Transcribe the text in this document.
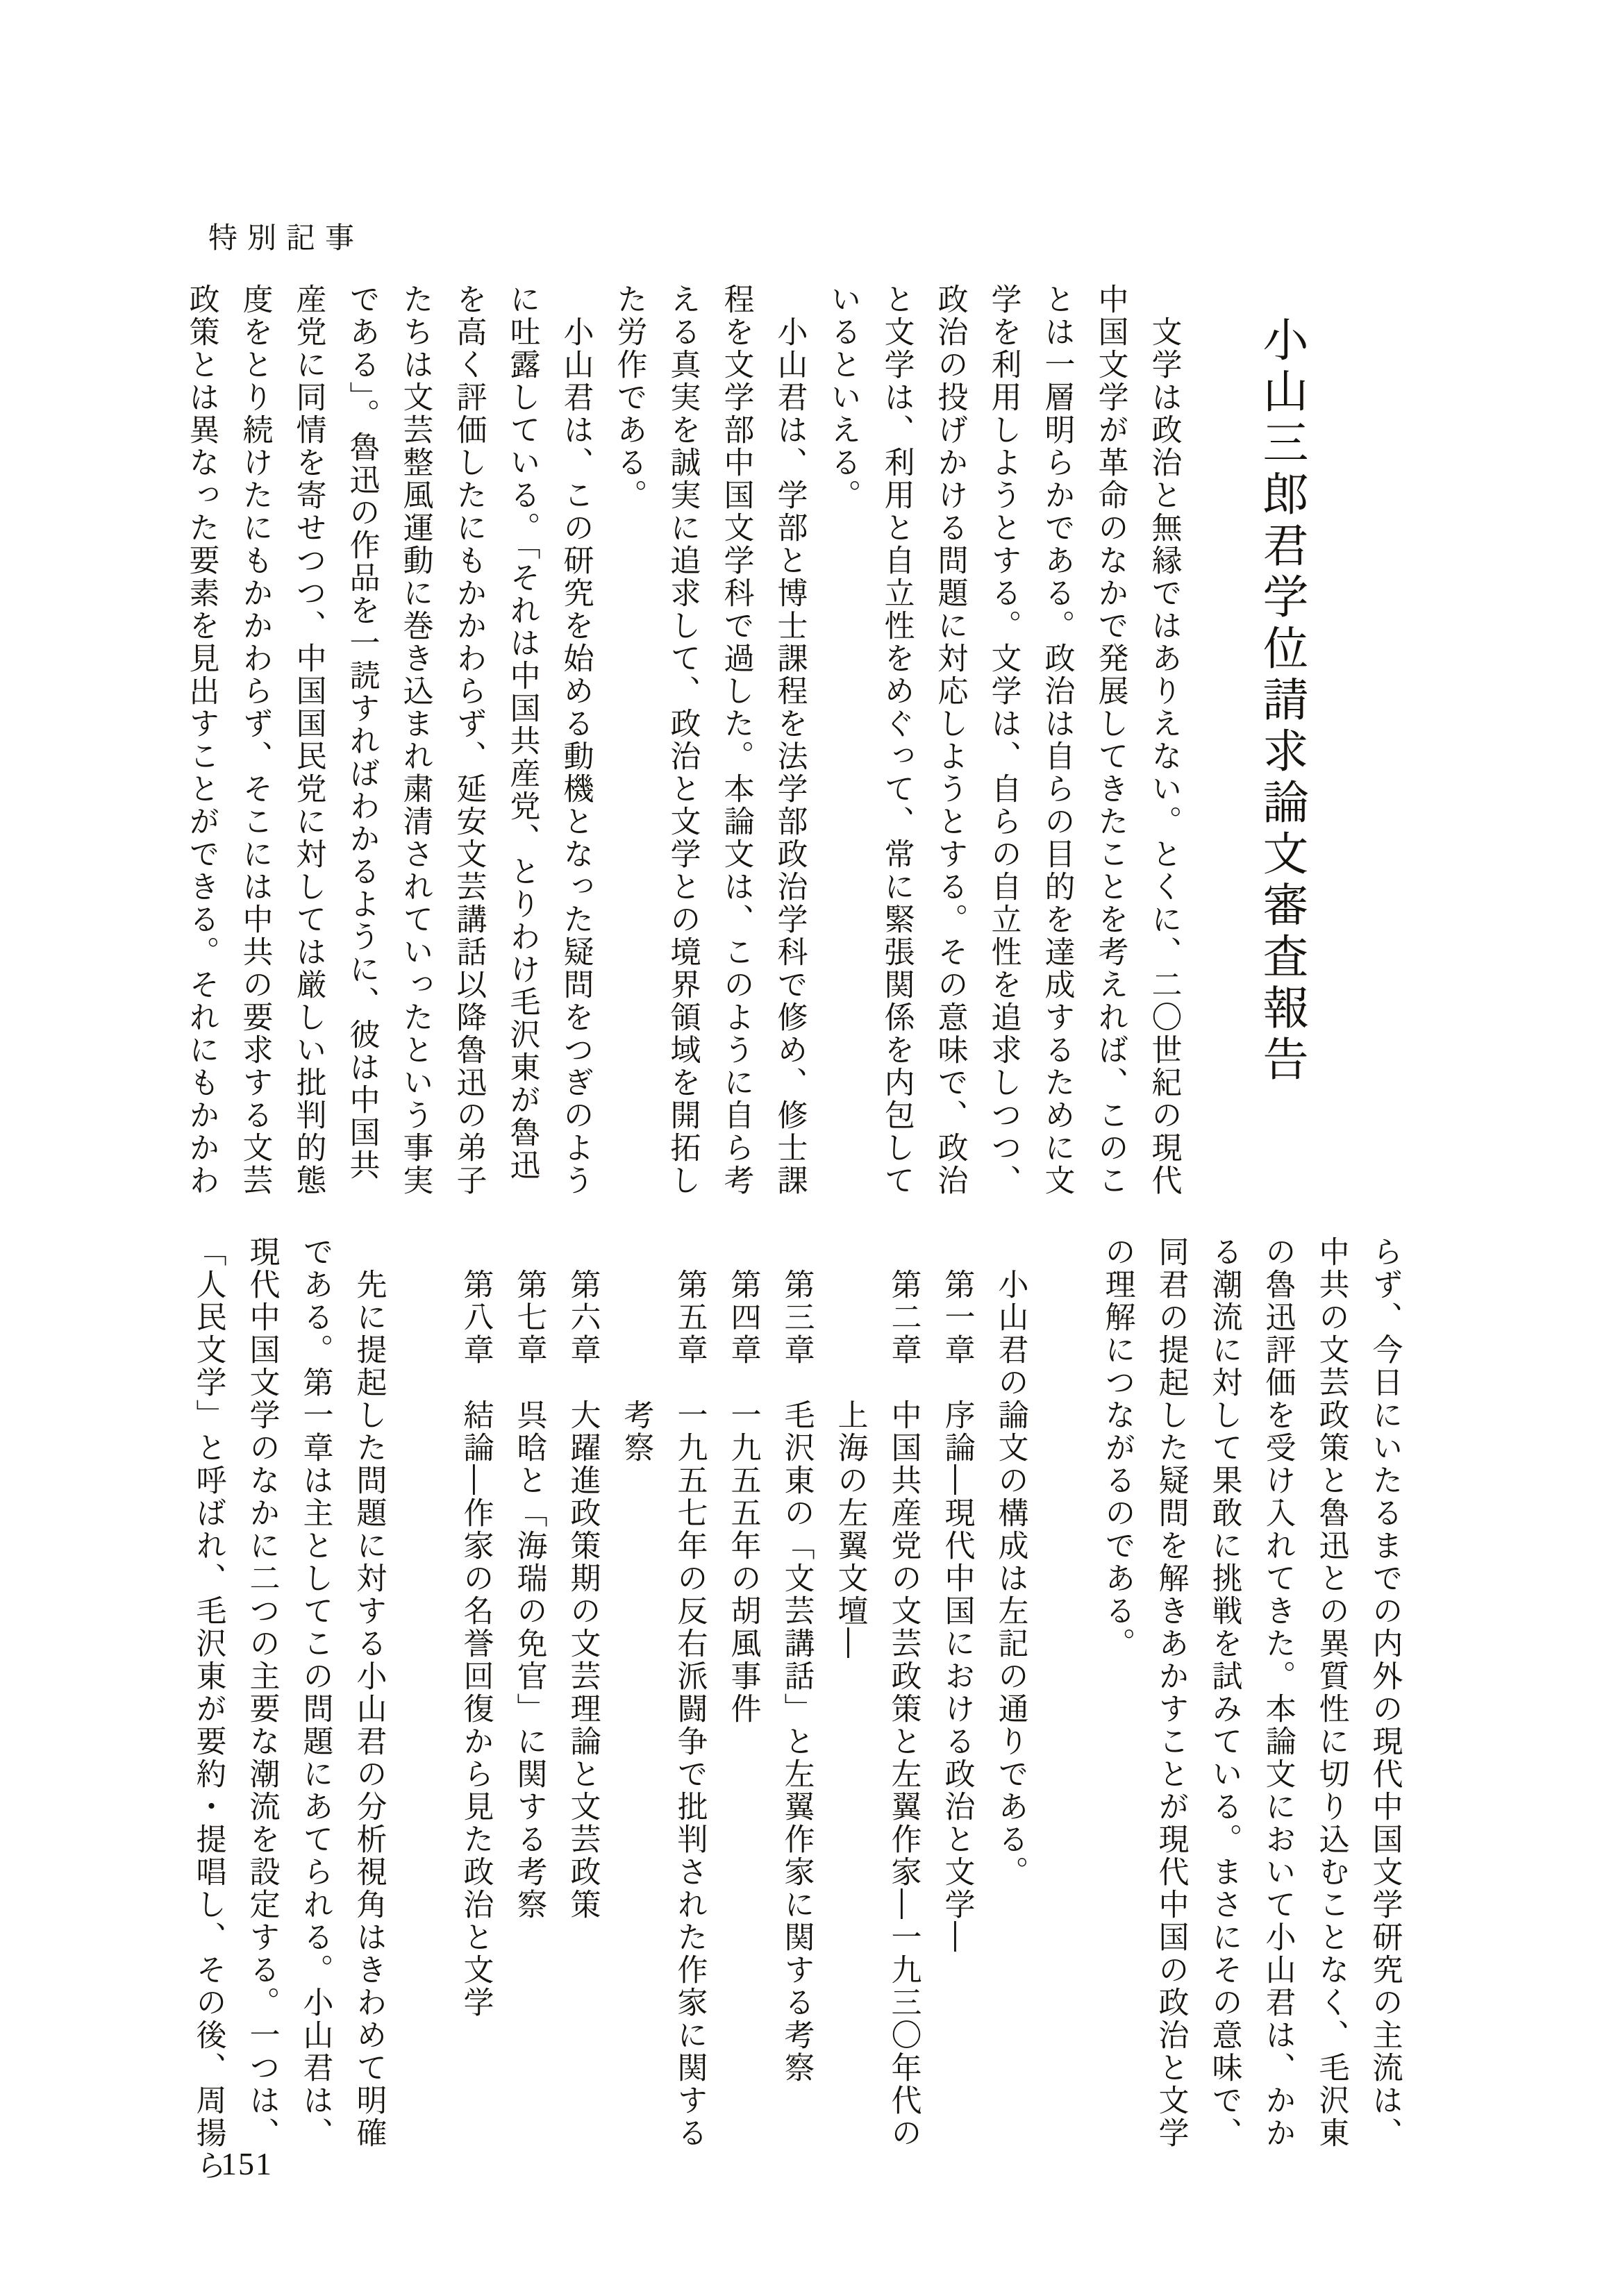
特別記事
小山三郎君学位請求論文審査報告

　文学は政治と無縁ではありえない。とくに、二〇世紀の現代

中国文学が革命のなかで発展してきたことを考えれば、このこ

とは一層明らかである。政治は自らの目的を達成するために文

学を利用しようとする。文学は、自らの自立性を追求しつつ、

政治の投げかける問題に対応しようとする。その意味で、政治

と文学は、利用と自立性をめぐって、常に緊張関係を内包して

いるといえる。

　小山君は、学部と博士課程を法学部政治学科で修め、修士課

程を文学部中国文学科で過した。本論文は、このように自ら考

える真実を誠実に追求して、政治と文学との境界領域を開拓し

た労作である。

　小山君は、この研究を始める動機となった疑問をつぎのよう

に吐露している。「それは中国共産党、とりわけ毛沢東が魯迅

を高く評価したにもかかわらず、延安文芸講話以降魯迅の弟子

たちは文芸整風運動に巻き込まれ粛清されていったという事実

である」。魯迅の作品を一読すればわかるように、彼は中国共

産党に同情を寄せつつ、中国国民党に対しては厳しい批判的態

度をとり続けたにもかかわらず、そこには中共の要求する文芸

政策とは異なった要素を見出すことができる。それにもかかわ

らず、今日にいたるまでの内外の現代中国文学研究の主流は、

中共の文芸政策と魯迅との異質性に切り込むことなく、毛沢東

の魯迅評価を受け入れてきた。本論文において小山君は、かか

る潮流に対して果敢に挑戦を試みている。まさにその意味で、

同君の提起した疑問を解きあかすことが現代中国の政治と文学

の理解につながるのである。

　小山君の論文の構成は左記の通りである。

　第一章　序論―現代中国における政治と文学―

　第二章　中国共産党の文芸政策と左翼作家―一九三〇年代の

　　　　　上海の左翼文壇―

　第三章　毛沢東の「文芸講話」と左翼作家に関する考察

　第四章　一九五五年の胡風事件

　第五章　一九五七年の反右派闘争で批判された作家に関する

　　　　　考察

　第六章　大躍進政策期の文芸理論と文芸政策

　第七章　呉晗と「海瑞の免官」に関する考察

　第八章　結論―作家の名誉回復から見た政治と文学

　先に提起した問題に対する小山君の分析視角はきわめて明確

である。第一章は主としてこの問題にあてられる。小山君は、

現代中国文学のなかに二つの主要な潮流を設定する。一つは、

「人民文学」と呼ばれ、毛沢東が要約・提唱し、その後、周揚ら

151
